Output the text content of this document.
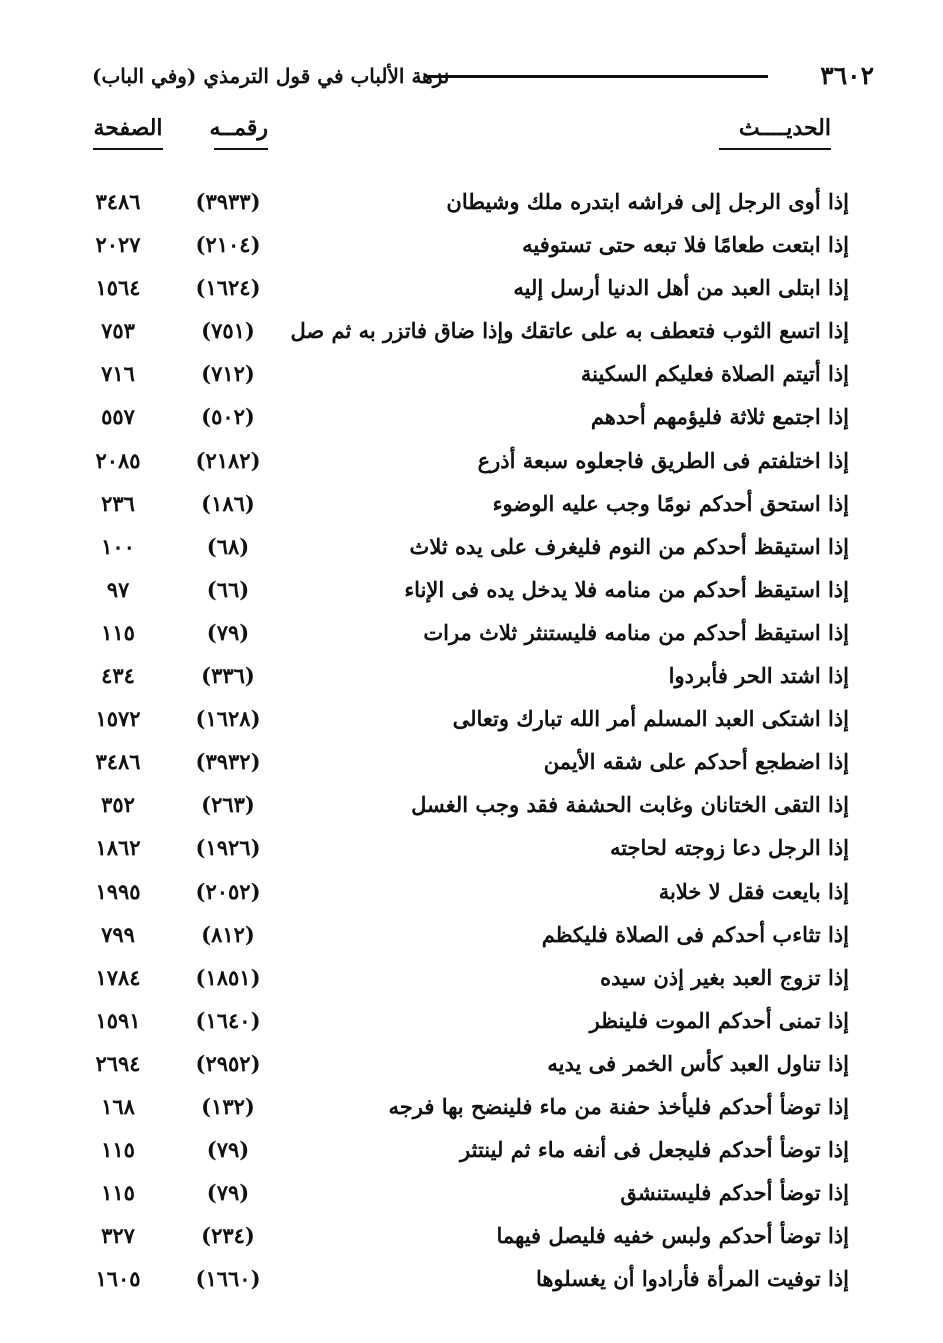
٣٦٠٢
نزهة الألباب في قول الترمذي (وفي الباب)
الحديــــث
رقمــه
الصفحة
إذا أوى الرجل إلى فراشه ابتدره ملك وشيطان
(٣٩٣٣)
٣٤٨٦
إذا ابتعت طعامًا فلا تبعه حتى تستوفيه
(٢١٠٤)
٢٠٢٧
إذا ابتلى العبد من أهل الدنيا أرسل إليه
(١٦٢٤)
١٥٦٤
إذا اتسع الثوب فتعطف به على عاتقك وإذا ضاق فاتزر به ثم صل
(٧٥١)
٧٥٣
إذا أتيتم الصلاة فعليكم السكينة
(٧١٢)
٧١٦
إذا اجتمع ثلاثة فليؤمهم أحدهم
(٥٠٢)
٥٥٧
إذا اختلفتم فى الطريق فاجعلوه سبعة أذرع
(٢١٨٢)
٢٠٨٥
إذا استحق أحدكم نومًا وجب عليه الوضوء
(١٨٦)
٢٣٦
إذا استيقظ أحدكم من النوم فليغرف على يده ثلاث
(٦٨)
١٠٠
إذا استيقظ أحدكم من منامه فلا يدخل يده فى الإناء
(٦٦)
٩٧
إذا استيقظ أحدكم من منامه فليستنثر ثلاث مرات
(٧٩)
١١٥
إذا اشتد الحر فأبردوا
(٣٣٦)
٤٣٤
إذا اشتكى العبد المسلم أمر الله تبارك وتعالى
(١٦٢٨)
١٥٧٢
إذا اضطجع أحدكم على شقه الأيمن
(٣٩٣٢)
٣٤٨٦
إذا التقى الختانان وغابت الحشفة فقد وجب الغسل
(٢٦٣)
٣٥٢
إذا الرجل دعا زوجته لحاجته
(١٩٢٦)
١٨٦٢
إذا بايعت فقل لا خلابة
(٢٠٥٢)
١٩٩٥
إذا تثاءب أحدكم فى الصلاة فليكظم
(٨١٢)
٧٩٩
إذا تزوج العبد بغير إذن سيده
(١٨٥١)
١٧٨٤
إذا تمنى أحدكم الموت فلينظر
(١٦٤٠)
١٥٩١
إذا تناول العبد كأس الخمر فى يديه
(٢٩٥٢)
٢٦٩٤
إذا توضأ أحدكم فليأخذ حفنة من ماء فلينضح بها فرجه
(١٣٢)
١٦٨
إذا توضأ أحدكم فليجعل فى أنفه ماء ثم لينتثر
(٧٩)
١١٥
إذا توضأ أحدكم فليستنشق
(٧٩)
١١٥
إذا توضأ أحدكم ولبس خفيه فليصل فيهما
(٢٣٤)
٣٢٧
إذا توفيت المرأة فأرادوا أن يغسلوها
(١٦٦٠)
١٦٠٥
